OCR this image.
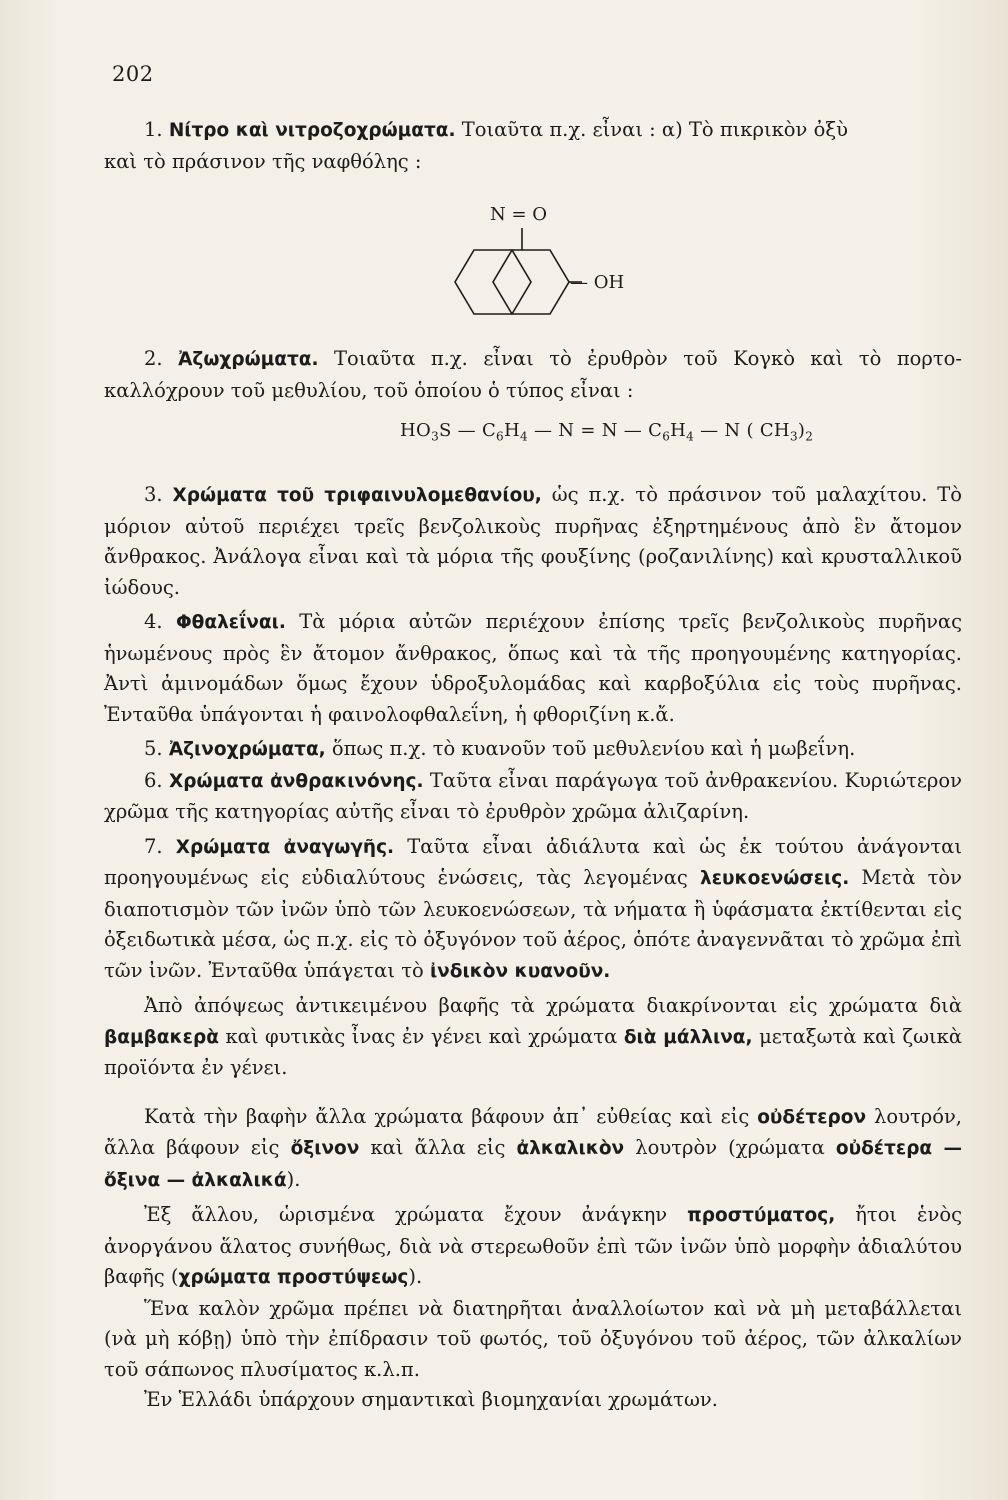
202

1. Νίτρο καὶ νιτροζοχρώματα. Τοιαῦτα π.χ. εἶναι : α) Τὸ πικρικὸν ὀξὺ

καὶ τὸ πράσινον τῆς ναφθόλης :

N = O
— OH

2. Ἀζωχρώματα. Τοιαῦτα π.χ. εἶναι τὸ ἐρυθρὸν τοῦ Κογκὸ καὶ τὸ πορτο-καλλόχρουν τοῦ μεθυλίου, τοῦ ὁποίου ὁ τύπος εἶναι :

$HO_3S$ — $C_6H_4$ — N = N — $C_6H_4$ — N ( $CH_3)_2$

3. Χρώματα τοῦ τριφαινυλομεθανίου, ὡς π.χ. τὸ πράσινον τοῦ μαλαχίτου. Τὸ μόριον αὐτοῦ περιέχει τρεῖς βενζολικοὺς πυρῆνας ἐξηρτημένους ἀπὸ ἓν ἄτομον ἄνθρακος. Ἀνάλογα εἶναι καὶ τὰ μόρια τῆς φουξίνης (ροζανιλίνης) καὶ κρυσταλλικοῦ ἰώδους.

4. Φθαλεΐναι. Τὰ μόρια αὐτῶν περιέχουν ἐπίσης τρεῖς βενζολικοὺς πυρῆνας ἡνωμένους πρὸς ἓν ἄτομον ἄνθρακος, ὅπως καὶ τὰ τῆς προηγουμένης κατηγορίας. Ἀντὶ ἀμινομάδων ὅμως ἔχουν ὑδροξυλομάδας καὶ καρβοξύλια εἰς τοὺς πυρῆνας. Ἐνταῦθα ὑπάγονται ἡ φαινολοφθαλεΐνη, ἡ φθοριζίνη κ.ἄ.

5. Ἀζινοχρώματα, ὅπως π.χ. τὸ κυανοῦν τοῦ μεθυλενίου καὶ ἡ μωβεΐνη.

6. Χρώματα ἀνθρακινόνης. Ταῦτα εἶναι παράγωγα τοῦ ἀνθρακενίου. Κυριώτερον χρῶμα τῆς κατηγορίας αὐτῆς εἶναι τὸ ἐρυθρὸν χρῶμα ἀλιζαρίνη.

7. Χρώματα ἀναγωγῆς. Ταῦτα εἶναι ἀδιάλυτα καὶ ὡς ἐκ τούτου ἀνάγονται προηγουμένως εἰς εὐδιαλύτους ἑνώσεις, τὰς λεγομένας λευκοενώσεις. Μετὰ τὸν διαποτισμὸν τῶν ἰνῶν ὑπὸ τῶν λευκοενώσεων, τὰ νήματα ἢ ὑφάσματα ἐκτίθενται εἰς ὀξειδωτικὰ μέσα, ὡς π.χ. εἰς τὸ ὀξυγόνον τοῦ ἀέρος, ὁπότε ἀναγεννᾶται τὸ χρῶμα ἐπὶ τῶν ἰνῶν. Ἐνταῦθα ὑπάγεται τὸ ἰνδικὸν κυανοῦν.

Ἀπὸ ἀπόψεως ἀντικειμένου βαφῆς τὰ χρώματα διακρίνονται εἰς χρώματα διὰ βαμβακερὰ καὶ φυτικὰς ἶνας ἐν γένει καὶ χρώματα διὰ μάλλινα, μεταξωτὰ καὶ ζωικὰ προϊόντα ἐν γένει.

Κατὰ τὴν βαφὴν ἄλλα χρώματα βάφουν ἀπ᾽ εὐθείας καὶ εἰς οὐδέτερον λουτρόν, ἄλλα βάφουν εἰς ὄξινον καὶ ἄλλα εἰς ἀλκαλικὸν λουτρὸν (χρώματα οὐδέτερα — ὄξινα — ἀλκαλικά).

Ἐξ ἄλλου, ὡρισμένα χρώματα ἔχουν ἀνάγκην προστύματος, ἤτοι ἑνὸς ἀνοργάνου ἅλατος συνήθως, διὰ νὰ στερεωθοῦν ἐπὶ τῶν ἰνῶν ὑπὸ μορφὴν ἀδιαλύτου βαφῆς (χρώματα προστύψεως).

Ἕνα καλὸν χρῶμα πρέπει νὰ διατηρῆται ἀναλλοίωτον καὶ νὰ μὴ μεταβάλλεται (νὰ μὴ κόβῃ) ὑπὸ τὴν ἐπίδρασιν τοῦ φωτός, τοῦ ὀξυγόνου τοῦ ἀέρος, τῶν ἀλκαλίων τοῦ σάπωνος πλυσίματος κ.λ.π.

Ἐν Ἑλλάδι ὑπάρχουν σημαντικαὶ βιομηχανίαι χρωμάτων.
